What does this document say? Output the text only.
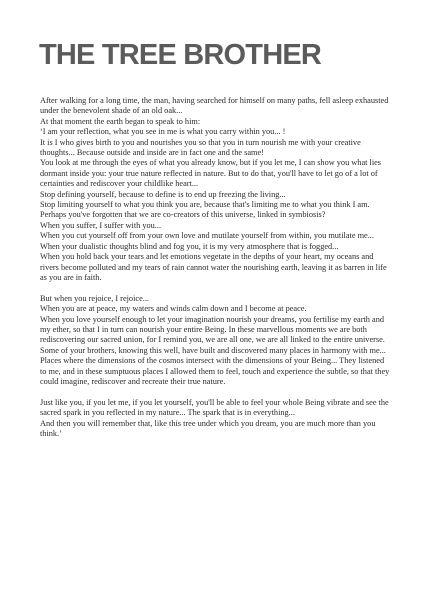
THE TREE BROTHER

After walking for a long time, the man, having searched for himself on many paths, fell asleep exhausted under the benevolent shade of an old oak...

At that moment the earth began to speak to him:

‘I am your reflection, what you see in me is what you carry within you... !

It is I who gives birth to you and nourishes you so that you in turn nourish me with your creative thoughts... Because outside and inside are in fact one and the same!

You look at me through the eyes of what you already know, but if you let me, I can show you what lies dormant inside you: your true nature reflected in nature. But to do that, you'll have to let go of a lot of certainties and rediscover your childlike heart...

Stop defining yourself, because to define is to end up freezing the living...

Stop limiting yourself to what you think you are, because that's limiting me to what you think I am.

Perhaps you've forgotten that we are co-creators of this universe, linked in symbiosis?

When you suffer, I suffer with you...

When you cut yourself off from your own love and mutilate yourself from within, you mutilate me...

When your dualistic thoughts blind and fog you, it is my very atmosphere that is fogged...

When you hold back your tears and let emotions vegetate in the depths of your heart, my oceans and rivers become polluted and my tears of rain cannot water the nourishing earth, leaving it as barren in life as you are in faith.

But when you rejoice, I rejoice...

When you are at peace, my waters and winds calm down and I become at peace.

When you love yourself enough to let your imagination nourish your dreams, you fertilise my earth and my ether, so that I in turn can nourish your entire Being. In these marvellous moments we are both rediscovering our sacred union, for I remind you, we are all one, we are all linked to the entire universe. Some of your brothers, knowing this well, have built and discovered many places in harmony with me...

Places where the dimensions of the cosmos intersect with the dimensions of your Being... They listened to me, and in these sumptuous places I allowed them to feel, touch and experience the subtle, so that they could imagine, rediscover and recreate their true nature.

Just like you, if you let me, if you let yourself, you'll be able to feel your whole Being vibrate and see the sacred spark in you reflected in my nature... The spark that is in everything...

And then you will remember that, like this tree under which you dream, you are much more than you think.’
